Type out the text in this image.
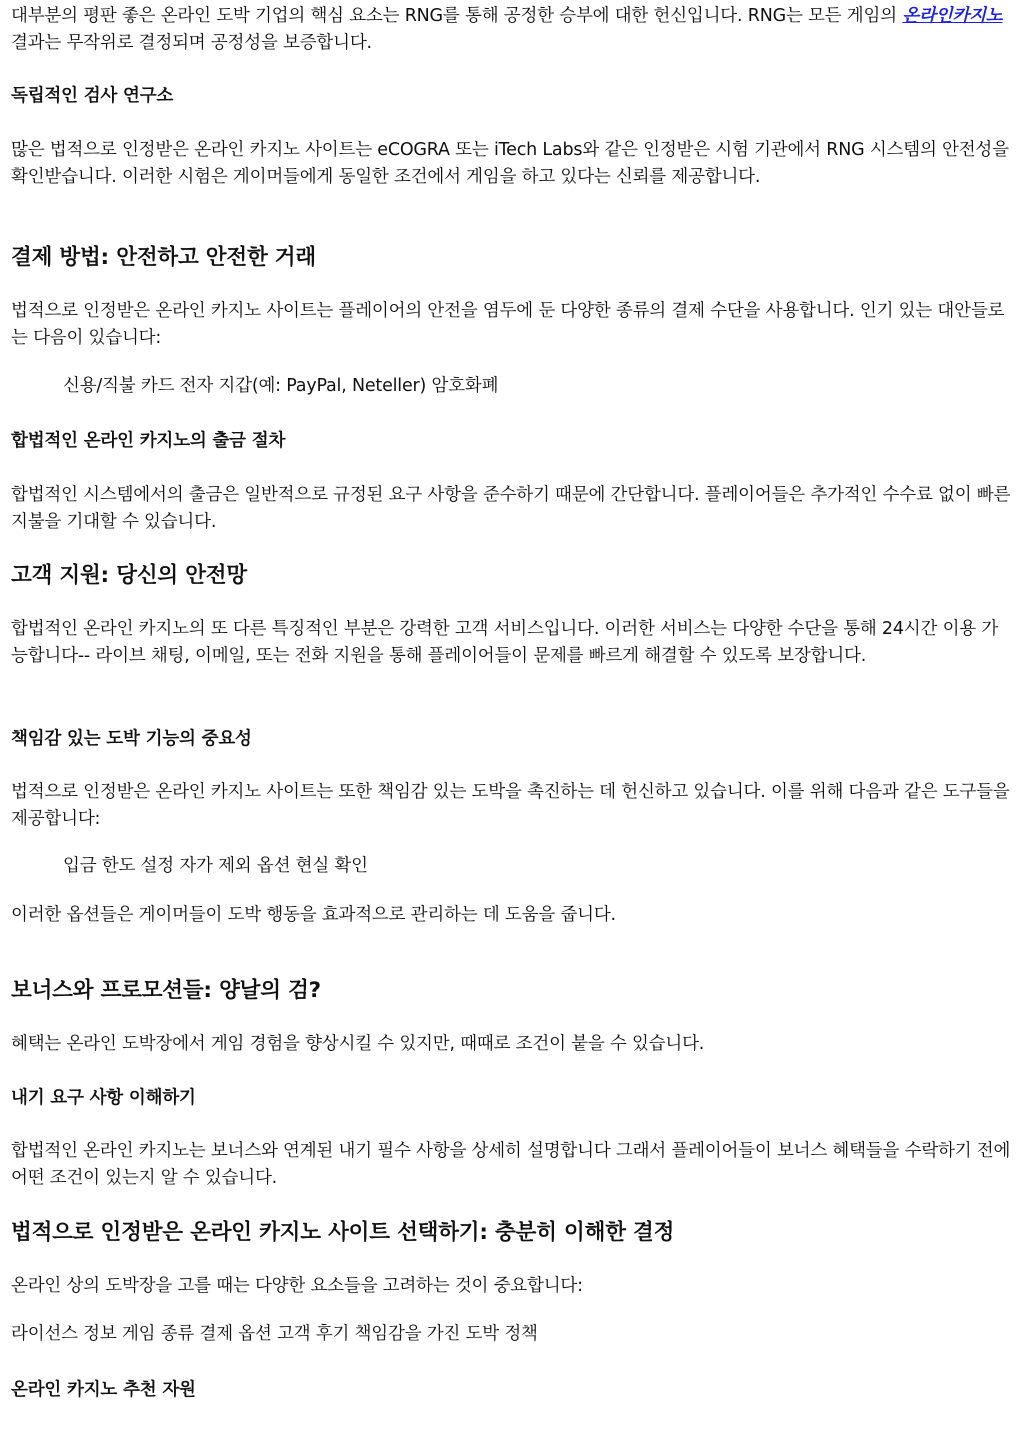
대부분의 평판 좋은 온라인 도박 기업의 핵심 요소는 RNG를 통해 공정한 승부에 대한 헌신입니다. RNG는 모든 게임의 온라인카지노 결과는 무작위로 결정되며 공정성을 보증합니다.

독립적인 검사 연구소

많은 법적으로 인정받은 온라인 카지노 사이트는 eCOGRA 또는 iTech Labs와 같은 인정받은 시험 기관에서 RNG 시스템의 안전성을 확인받습니다. 이러한 시험은 게이머들에게 동일한 조건에서 게임을 하고 있다는 신뢰를 제공합니다.

결제 방법: 안전하고 안전한 거래

법적으로 인정받은 온라인 카지노 사이트는 플레이어의 안전을 염두에 둔 다양한 종류의 결제 수단을 사용합니다. 인기 있는 대안들로는 다음이 있습니다:

신용/직불 카드 전자 지갑(예: PayPal, Neteller) 암호화폐

합법적인 온라인 카지노의 출금 절차

합법적인 시스템에서의 출금은 일반적으로 규정된 요구 사항을 준수하기 때문에 간단합니다. 플레이어들은 추가적인 수수료 없이 빠른 지불을 기대할 수 있습니다.

고객 지원: 당신의 안전망

합법적인 온라인 카지노의 또 다른 특징적인 부분은 강력한 고객 서비스입니다. 이러한 서비스는 다양한 수단을 통해 24시간 이용 가능합니다-- 라이브 채팅, 이메일, 또는 전화 지원을 통해 플레이어들이 문제를 빠르게 해결할 수 있도록 보장합니다.

책임감 있는 도박 기능의 중요성

법적으로 인정받은 온라인 카지노 사이트는 또한 책임감 있는 도박을 촉진하는 데 헌신하고 있습니다. 이를 위해 다음과 같은 도구들을 제공합니다:

입금 한도 설정 자가 제외 옵션 현실 확인

이러한 옵션들은 게이머들이 도박 행동을 효과적으로 관리하는 데 도움을 줍니다.

보너스와 프로모션들: 양날의 검?

혜택는 온라인 도박장에서 게임 경험을 향상시킬 수 있지만, 때때로 조건이 붙을 수 있습니다.

내기 요구 사항 이해하기

합법적인 온라인 카지노는 보너스와 연계된 내기 필수 사항을 상세히 설명합니다 그래서 플레이어들이 보너스 혜택들을 수락하기 전에 어떤 조건이 있는지 알 수 있습니다.

법적으로 인정받은 온라인 카지노 사이트 선택하기: 충분히 이해한 결정

온라인 상의 도박장을 고를 때는 다양한 요소들을 고려하는 것이 중요합니다:

라이선스 정보 게임 종류 결제 옵션 고객 후기 책임감을 가진 도박 정책

온라인 카지노 추천 자원
